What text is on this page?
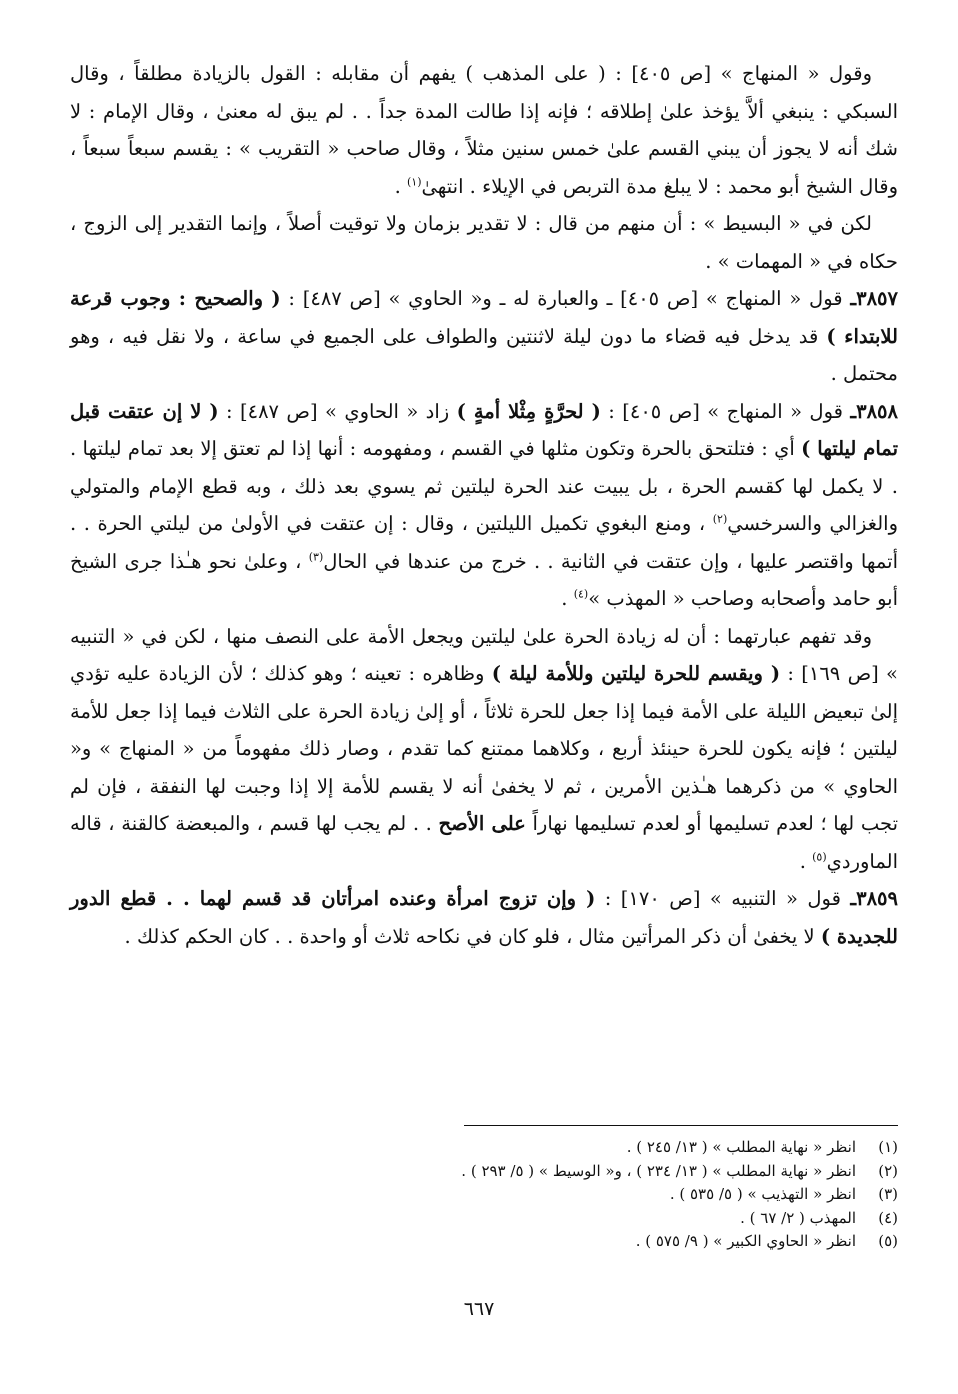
وقول « المنهاج » [ص ٤٠٥] : ( على المذهب ) يفهم أن مقابله : القول بالزيادة مطلقاً ، وقال السبكي : ينبغي ألاَّ يؤخذ علىٰ إطلاقه ؛ فإنه إذا طالت المدة جداً . . لم يبق له معنىٰ ، وقال الإمام : لا شك أنه لا يجوز أن يبني القسم علىٰ خمس سنين مثلاً ، وقال صاحب « التقريب » : يقسم سبعاً سبعاً ، وقال الشيخ أبو محمد : لا يبلغ مدة التربص في الإيلاء . انتهىٰ$^{(١)}$ .

لكن في « البسيط » : أن منهم من قال : لا تقدير بزمان ولا توقيت أصلاً ، وإنما التقدير إلى الزوج ، حكاه في « المهمات » .

٣٨٥٧ـ قول « المنهاج » [ص ٤٠٥] ـ والعبارة له ـ و« الحاوي » [ص ٤٨٧] : ( والصحيح : وجوب قرعة للابتداء ) قد يدخل فيه قضاء ما دون ليلة لاثنتين والطواف على الجميع في ساعة ، ولا نقل فيه ، وهو محتمل .

٣٨٥٨ـ قول « المنهاج » [ص ٤٠٥] : ( لحرَّةٍ مِثْلا أمةٍ ) زاد « الحاوي » [ص ٤٨٧] : ( لا إن عتقت قبل تمام ليلتها ) أي : فتلتحق بالحرة وتكون مثلها في القسم ، ومفهومه : أنها إذا لم تعتق إلا بعد تمام ليلتها . . لا يكمل لها كقسم الحرة ، بل يبيت عند الحرة ليلتين ثم يسوي بعد ذلك ، وبه قطع الإمام والمتولي والغزالي والسرخسي$^{(٢)}$ ، ومنع البغوي تكميل الليلتين ، وقال : إن عتقت في الأولىٰ من ليلتي الحرة . . أتمها واقتصر عليها ، وإن عتقت في الثانية . . خرج من عندها في الحال$^{(٣)}$ ، وعلىٰ نحو هـٰذا جرى الشيخ أبو حامد وأصحابه وصاحب « المهذب »$^{(٤)}$ .

وقد تفهم عبارتهما : أن له زيادة الحرة علىٰ ليلتين ويجعل الأمة على النصف منها ، لكن في « التنبيه » [ص ١٦٩] : ( ويقسم للحرة ليلتين وللأمة ليلة ) وظاهره : تعينه ؛ وهو كذلك ؛ لأن الزيادة عليه تؤدي إلىٰ تبعيض الليلة على الأمة فيما إذا جعل للحرة ثلاثاً ، أو إلىٰ زيادة الحرة على الثلاث فيما إذا جعل للأمة ليلتين ؛ فإنه يكون للحرة حينئذ أربع ، وكلاهما ممتنع كما تقدم ، وصار ذلك مفهوماً من « المنهاج » و« الحاوي » من ذكرهما هـٰذين الأمرين ، ثم لا يخفىٰ أنه لا يقسم للأمة إلا إذا وجبت لها النفقة ، فإن لم تجب لها ؛ لعدم تسليمها أو لعدم تسليمها نهاراً على الأصح . . لم يجب لها قسم ، والمبعضة كالقنة ، قاله الماوردي$^{(٥)}$ .

٣٨٥٩ـ قول « التنبيه » [ص ١٧٠] : ( وإن تزوج امرأة وعنده امرأتان قد قسم لهما . . قطع الدور للجديدة ) لا يخفىٰ أن ذكر المرأتين مثال ، فلو كان في نكاحه ثلاث أو واحدة . . كان الحكم كذلك .

(١)انظر « نهاية المطلب » ( ١٣/ ٢٤٥ ) .
(٢)انظر « نهاية المطلب » ( ١٣/ ٢٣٤ ) ، و« الوسيط » ( ٥/ ٢٩٣ ) .
(٣)انظر « التهذيب » ( ٥/ ٥٣٥ ) .
(٤)المهذب ( ٢/ ٦٧ ) .
(٥)انظر « الحاوي الكبير » ( ٩/ ٥٧٥ ) .
٦٦٧
